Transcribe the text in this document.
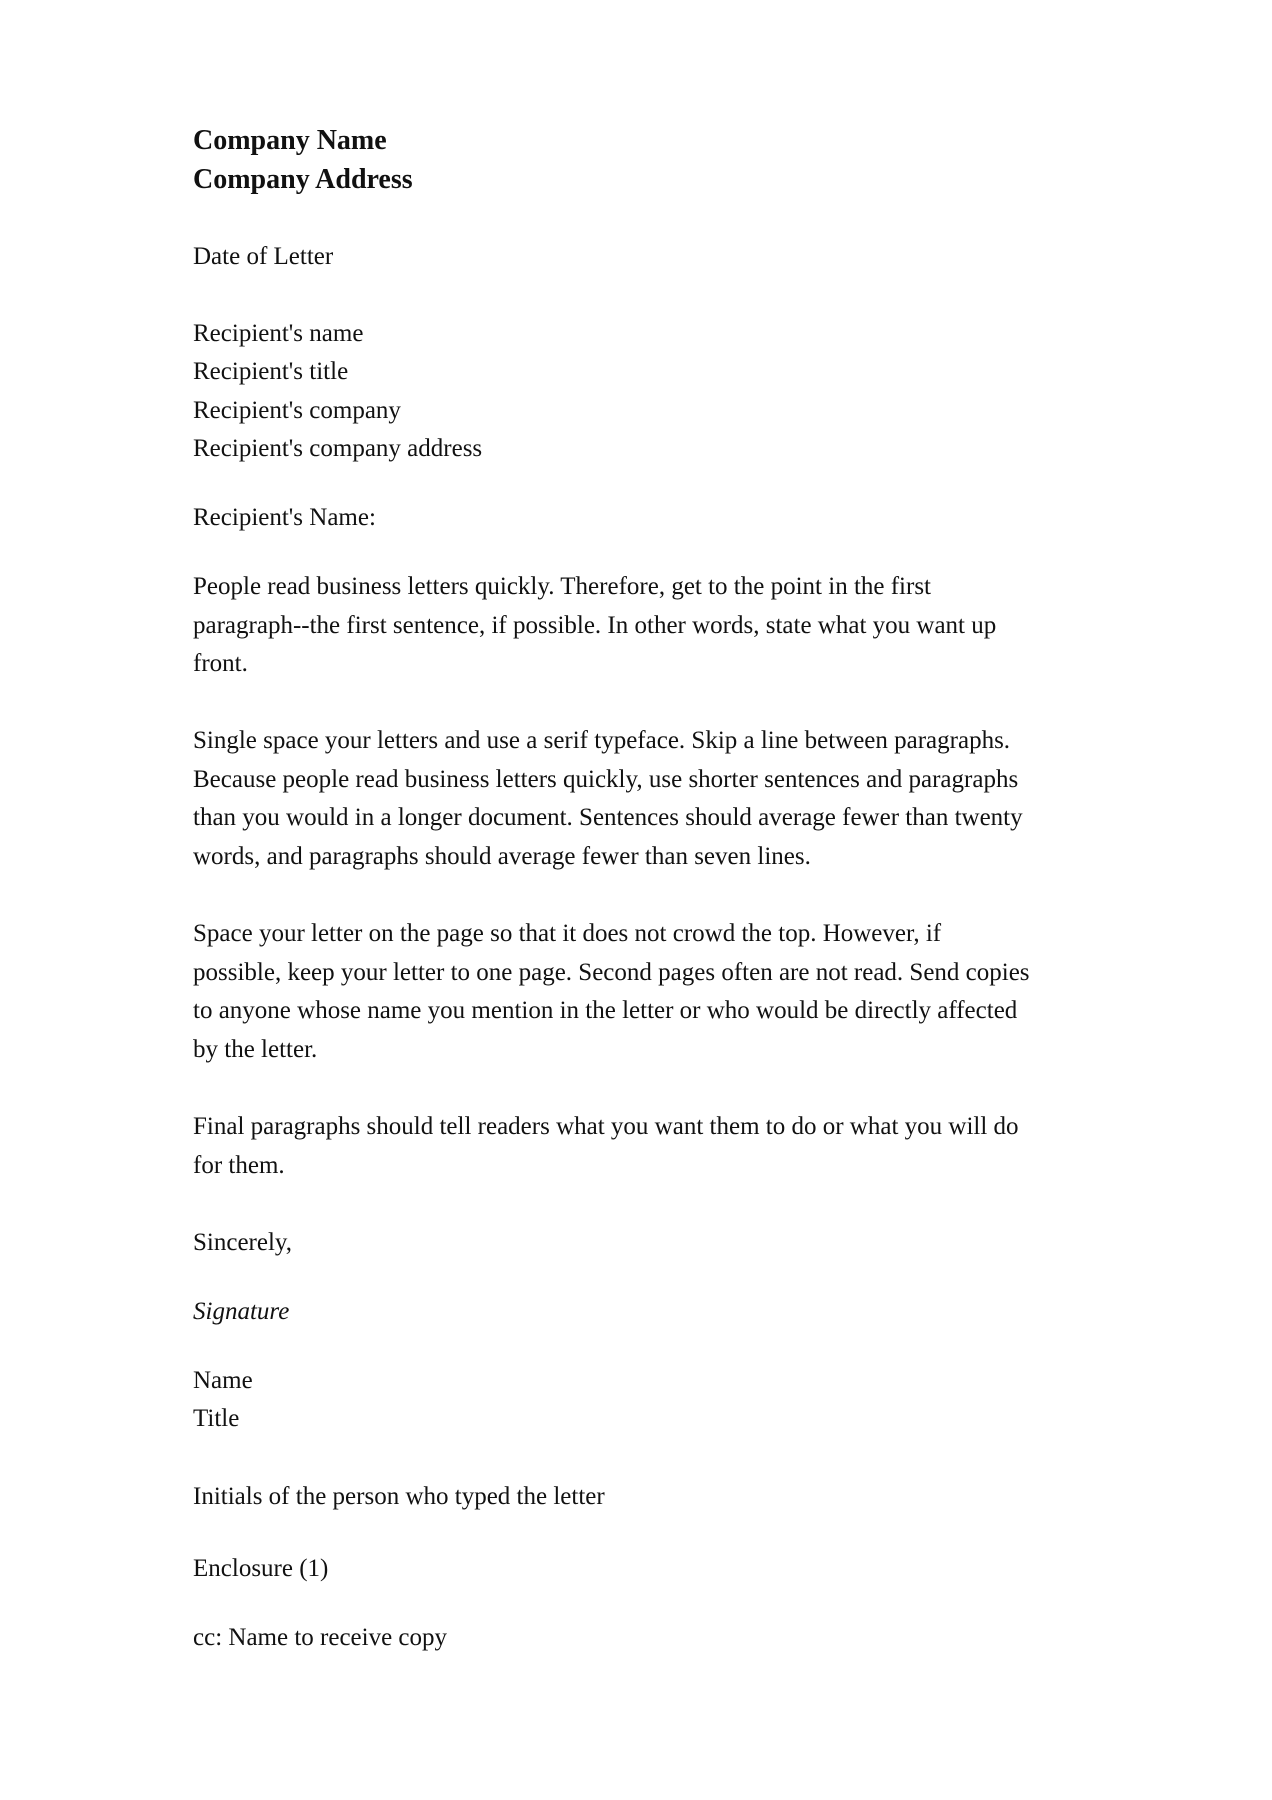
Company Name

Company Address

Date of Letter

Recipient's name

Recipient's title

Recipient's company

Recipient's company address

Recipient's Name:

People read business letters quickly. Therefore, get to the point in the first
paragraph--the first sentence, if possible. In other words, state what you want up
front.
Single space your letters and use a serif typeface. Skip a line between paragraphs.
Because people read business letters quickly, use shorter sentences and paragraphs
than you would in a longer document. Sentences should average fewer than twenty
words, and paragraphs should average fewer than seven lines.
Space your letter on the page so that it does not crowd the top. However, if
possible, keep your letter to one page. Second pages often are not read. Send copies
to anyone whose name you mention in the letter or who would be directly affected
by the letter.
Final paragraphs should tell readers what you want them to do or what you will do
for them.

Sincerely,

Signature

Name

Title

Initials of the person who typed the letter

Enclosure (1)

cc: Name to receive copy
